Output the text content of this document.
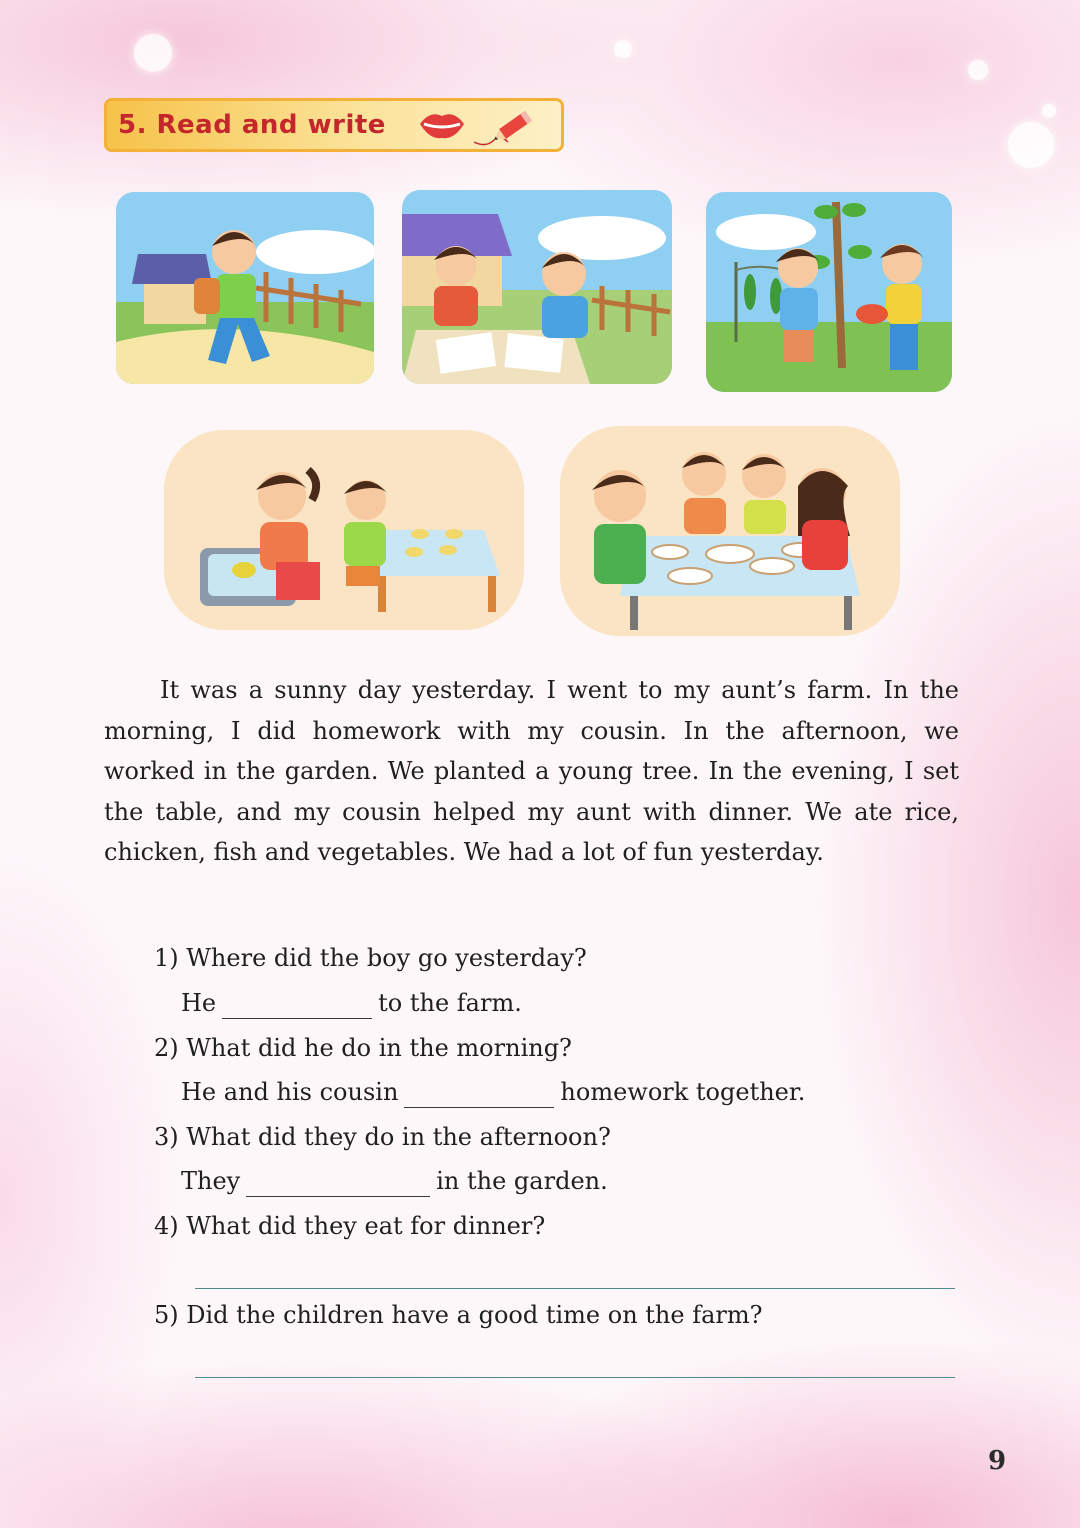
5. Read and write

It was a sunny day yesterday. I went to my aunt’s farm. In the morning, I did homework with my cousin. In the afternoon, we worked in the garden. We planted a young tree. In the evening, I set the table, and my cousin helped my aunt with dinner. We ate rice, chicken, fish and vegetables. We had a lot of fun yesterday.

1) Where did the boy go yesterday?
He	to the farm.
2) What did he do in the morning?
He and his cousin	homework together.
3) What did they do in the afternoon?
They	in the garden.
4) What did they eat for dinner?
5) Did the children have a good time on the farm?
9
